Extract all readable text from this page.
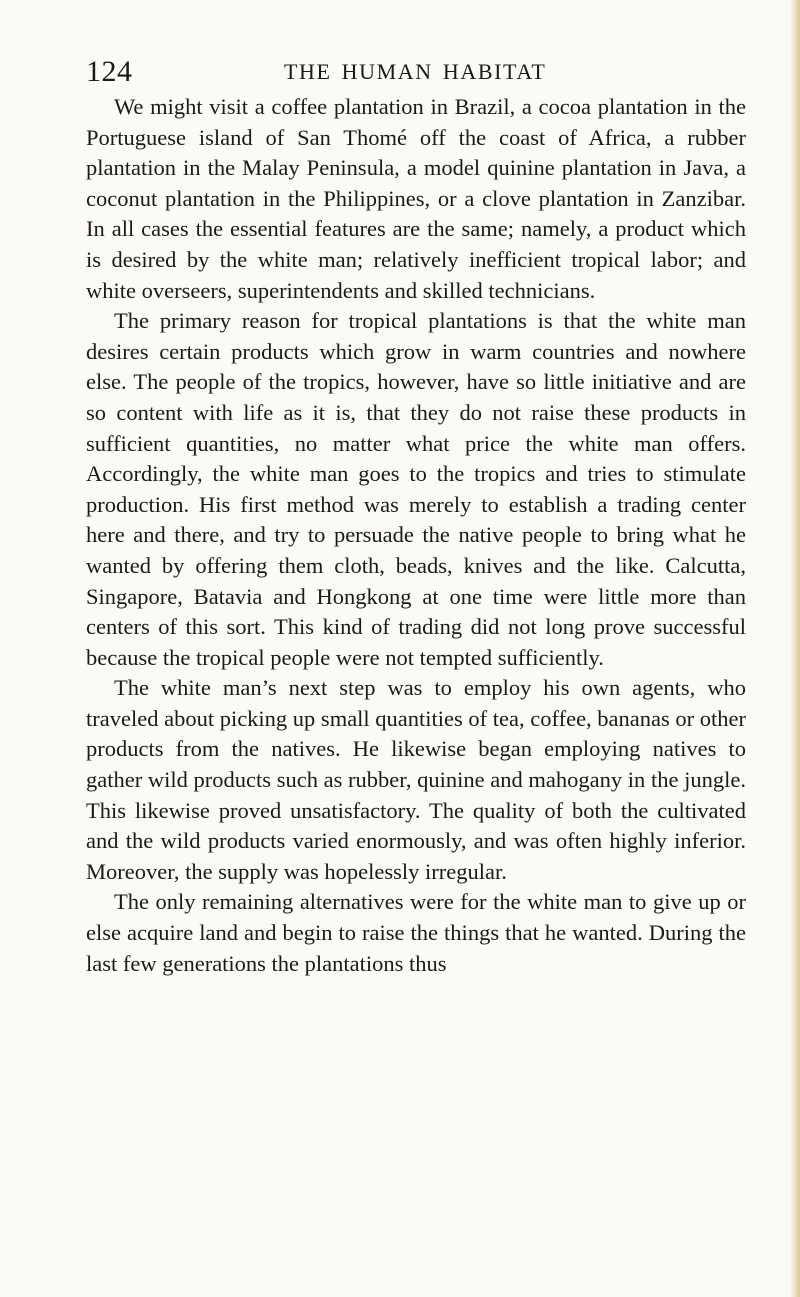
124	THE HUMAN HABITAT

We might visit a coffee plantation in Brazil, a cocoa plantation in the Portuguese island of San Thomé off the coast of Africa, a rubber plantation in the Malay Peninsula, a model quinine plantation in Java, a coconut plantation in the Philippines, or a clove plantation in Zanzibar. In all cases the essential features are the same; namely, a product which is desired by the white man; relatively inefficient tropical labor; and white overseers, superintendents and skilled technicians.

The primary reason for tropical plantations is that the white man desires certain products which grow in warm countries and nowhere else. The people of the tropics, however, have so little initiative and are so content with life as it is, that they do not raise these products in sufficient quantities, no matter what price the white man offers. Accordingly, the white man goes to the tropics and tries to stimulate production. His first method was merely to establish a trading center here and there, and try to persuade the native people to bring what he wanted by offering them cloth, beads, knives and the like. Calcutta, Singapore, Batavia and Hongkong at one time were little more than centers of this sort. This kind of trading did not long prove successful because the tropical people were not tempted sufficiently.

The white man’s next step was to employ his own agents, who traveled about picking up small quantities of tea, coffee, bananas or other products from the natives. He likewise began employing natives to gather wild products such as rubber, quinine and mahogany in the jungle. This likewise proved unsatisfactory. The quality of both the cultivated and the wild products varied enormously, and was often highly inferior. Moreover, the supply was hopelessly irregular.

The only remaining alternatives were for the white man to give up or else acquire land and begin to raise the things that he wanted. During the last few generations the plantations thus
